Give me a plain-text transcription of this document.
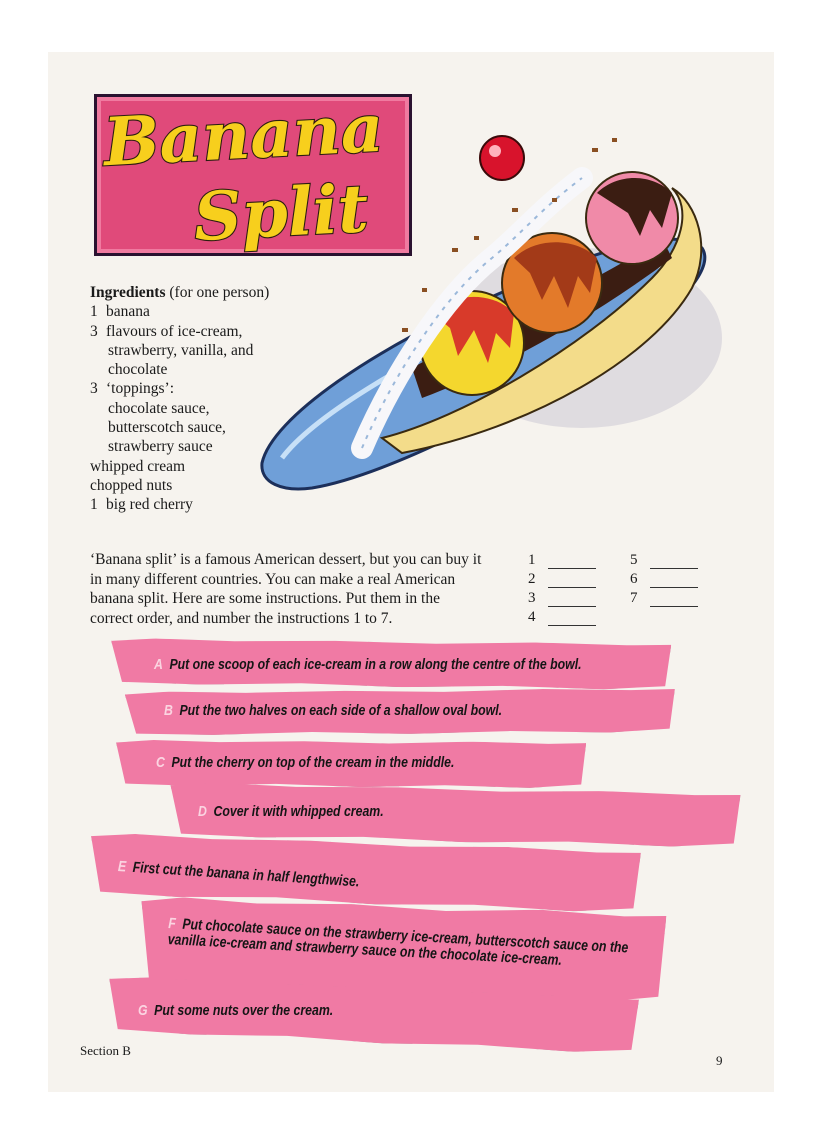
Banana
Split
Ingredients (for one person)
1 banana
3 flavours of ice-cream,
strawberry, vanilla, and
chocolate
3 ‘toppings’:
chocolate sauce,
butterscotch sauce,
strawberry sauce
whipped cream
chopped nuts
1 big red cherry
‘Banana split’ is a famous American dessert, but you can buy it
in many different countries. You can make a real American
banana split. Here are some instructions. Put them in the
correct order, and number the instructions 1 to 7.
1
2
3
4
5
6
7
A Put one scoop of each ice-cream in a row along the centre of the bowl.
B Put the two halves on each side of a shallow oval bowl.
C Put the cherry on top of the cream in the middle.
D Cover it with whipped cream.
E First cut the banana in half lengthwise.
F Put chocolate sauce on the strawberry ice-cream, butterscotch sauce on the vanilla ice-cream and strawberry sauce on the chocolate ice-cream.
G Put some nuts over the cream.
Section B
9
